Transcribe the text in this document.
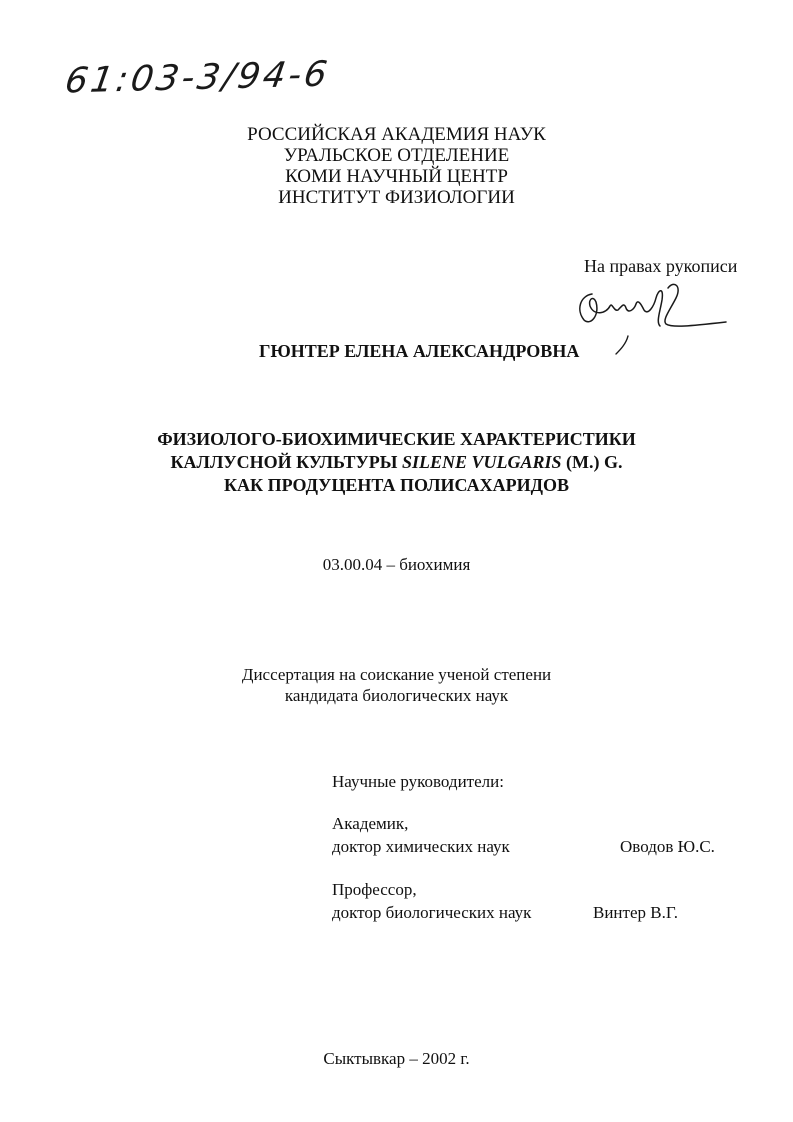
61:03-3/94-6
РОССИЙСКАЯ АКАДЕМИЯ НАУК
УРАЛЬСКОЕ ОТДЕЛЕНИЕ
КОМИ НАУЧНЫЙ ЦЕНТР
ИНСТИТУТ ФИЗИОЛОГИИ
На правах рукописи
ГЮНТЕР ЕЛЕНА АЛЕКСАНДРОВНА
ФИЗИОЛОГО-БИОХИМИЧЕСКИЕ ХАРАКТЕРИСТИКИ
КАЛЛУСНОЙ КУЛЬТУРЫ SILENE VULGARIS (M.) G.
КАК ПРОДУЦЕНТА ПОЛИСАХАРИДОВ
03.00.04 – биохимия
Диссертация на соискание ученой степени
кандидата биологических наук
Научные руководители:
Академик,
доктор химических наук	Оводов Ю.С.
Профессор,
доктор биологических наук	Винтер В.Г.
Сыктывкар – 2002 г.
